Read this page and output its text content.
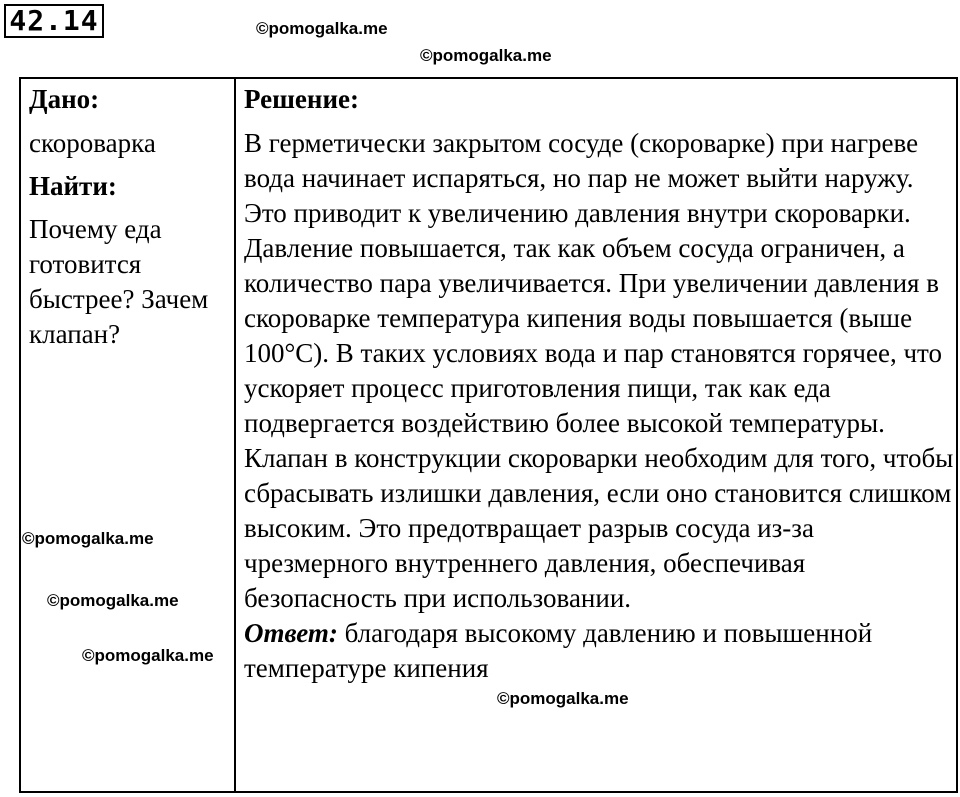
42.14	©pomogalka.me
©pomogalka.me
©pomogalka.me
©pomogalka.me
©pomogalka.me
©pomogalka.me
Дано:
скороварка
Найти:
Почему еда готовится быстрее? Зачем клапан?
Решение:
В герметически закрытом сосуде (скороварке) при нагреве вода начинает испаряться, но пар не может выйти наружу. Это приводит к увеличению давления внутри скороварки. Давление повышается, так как объем сосуда ограничен, а количество пара увеличивается. При увеличении давления в скороварке температура кипения воды повышается (выше 100°С). В таких условиях вода и пар становятся горячее, что ускоряет процесс приготовления пищи, так как еда подвергается воздействию более высокой температуры.
Клапан в конструкции скороварки необходим для того, чтобы сбрасывать излишки давления, если оно становится слишком высоким. Это предотвращает разрыв сосуда из-за чрезмерного внутреннего давления, обеспечивая безопасность при использовании.
Ответ: благодаря высокому давлению и повышенной температуре кипения
